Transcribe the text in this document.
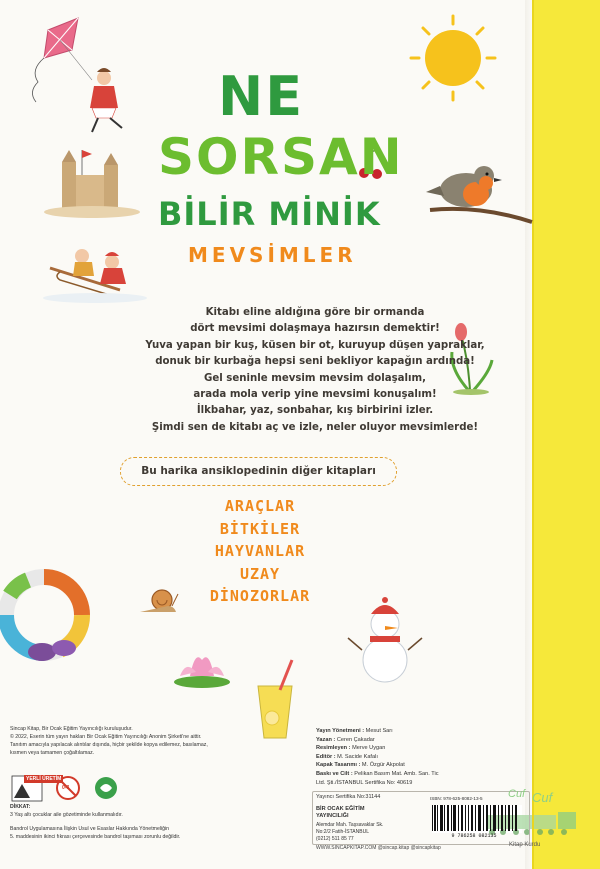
NE
SORSAN
BİLİR MİNİK
MEVSİMLER
Kitabı eline aldığına göre bir ormanda
dört mevsimi dolaşmaya hazırsın demektir!
Yuva yapan bir kuş, küsen bir ot, kuruyup düşen yapraklar,
donuk bir kurbağa hepsi seni bekliyor kapağın ardında!
Gel seninle mevsim mevsim dolaşalım,
arada mola verip yine mevsimi konuşalım!
İlkbahar, yaz, sonbahar, kış birbirini izler.
Şimdi sen de kitabı aç ve izle, neler oluyor mevsimlerde!
Bu harika ansiklopedinin diğer kitapları
ARAÇLAR
BİTKİLER
HAYVANLAR
UZAY
DİNOZORLAR
Sincap Kitap, Bir Ocak Eğitim Yayıncılığı kuruluşudur.
© 2022, Eserin tüm yayın hakları Bir Ocak Eğitim Yayıncılığı Anonim Şirketi'ne aittir.
Tanıtım amacıyla yapılacak alıntılar dışında, hiçbir şekilde kopya edilemez, basılamaz,
kısmen veya tamamen çoğaltılamaz.
YERLİ ÜRETİM
0-3
DİKKAT:
3 Yaş altı çocuklar aile gözetiminde kullanmalıdır.
Bandrol Uygulamasına İlişkin Usul ve Esaslar Hakkında Yönetmeliğin
5. maddesinin ikinci fıkrası çerçevesinde bandrol taşıması zorunlu değildir.
Yayın Yönetmeni : Mesut Sarı
Yazan : Ceren Çakadar
Resimleyen : Merve Uygan
Editör : M. Sacide Kafalı
Kapak Tasarımı : M. Özgür Akpolat
Baskı ve Cilt : Pelikan Basım Mat. Amb. San. Tic
Ltd. Şti./İSTANBUL Sertifika No: 40619
Yayıncı Sertifika No:31144
BİR OCAK EĞİTİM
YAYINCILIĞI
Alemdar Mah. Taşsavaklar Sk.
No:2/2 Fatih-İSTANBUL
(0212) 511 85 77
ISBN: 978-625-8082-13-5
9 786258 082135
WWW.SINCAPKITAP.COM @sincap.kitap @sincapkitap
Cuf Cuf
Kitap Kurdu
